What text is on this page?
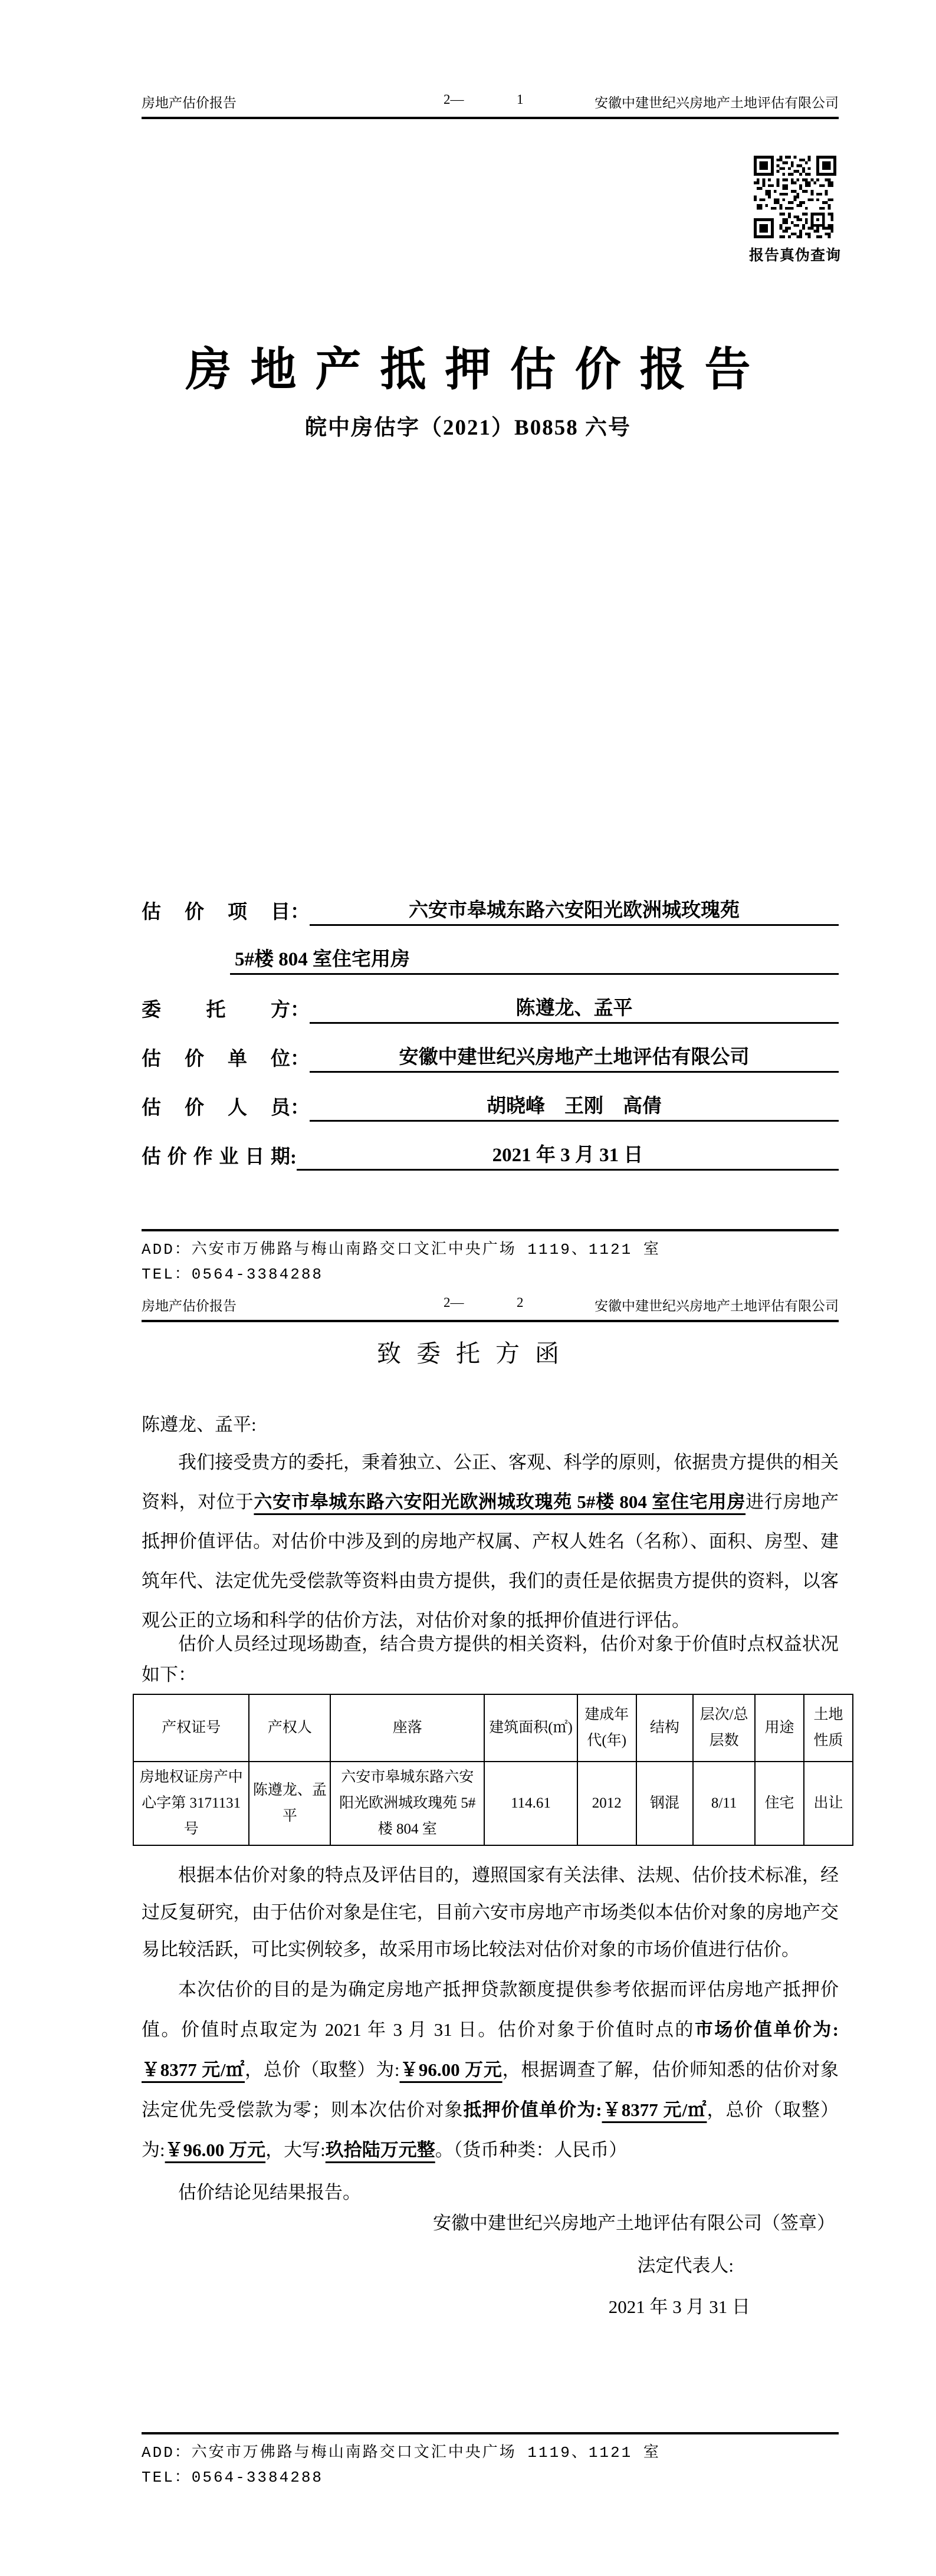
房地产估价报告	2—	1	安徽中建世纪兴房地产土地评估有限公司
报告真伪查询
房地产抵押估价报告
皖中房估字（2021）B0858 六号
估价项目 ：	六安市皋城东路六安阳光欧洲城玫瑰苑
5#楼 804 室住宅用房
委托方 ：	陈遵龙、孟平
估价单位 ：	安徽中建世纪兴房地产土地评估有限公司
估价人员 ：	胡晓峰　王刚　高倩
估价作业日期 :	2021 年 3 月 31 日
ADD：六安市万佛路与梅山南路交口文汇中央广场 1119、1121 室
TEL：0564-3384288
房地产估价报告	2—	2	安徽中建世纪兴房地产土地评估有限公司
致委托方函
陈遵龙、孟平:

我们接受贵方的委托，秉着独立、公正、客观、科学的原则，依据贵方提供的相关资料，对位于六安市皋城东路六安阳光欧洲城玫瑰苑 5#楼 804 室住宅用房进行房地产抵押价值评估。对估价中涉及到的房地产权属、产权人姓名（名称）、面积、房型、建筑年代、法定优先受偿款等资料由贵方提供，我们的责任是依据贵方提供的资料，以客观公正的立场和科学的估价方法，对估价对象的抵押价值进行评估。

估价人员经过现场勘查，结合贵方提供的相关资料，估价对象于价值时点权益状况如下：

产权证号	产权人	座落	建筑面积(㎡)	建成年代(年)	结构	层次/总层数	用途	土地性质
房地权证房产中心字第 3171131 号	陈遵龙、孟平	六安市皋城东路六安阳光欧洲城玫瑰苑 5#楼 804 室	114.61	2012	钢混	8/11	住宅	出让

根据本估价对象的特点及评估目的，遵照国家有关法律、法规、估价技术标准，经过反复研究，由于估价对象是住宅，目前六安市房地产市场类似本估价对象的房地产交易比较活跃，可比实例较多，故采用市场比较法对估价对象的市场价值进行估价。

本次估价的目的是为确定房地产抵押贷款额度提供参考依据而评估房地产抵押价值。价值时点取定为 2021 年 3 月 31 日。估价对象于价值时点的市场价值单价为:￥8377 元/㎡，总价（取整）为:￥96.00 万元，根据调查了解，估价师知悉的估价对象法定优先受偿款为零；则本次估价对象抵押价值单价为:￥8377 元/㎡，总价（取整）为:￥96.00 万元，大写:玖拾陆万元整。（货币种类：人民币）

估价结论见结果报告。

安徽中建世纪兴房地产土地评估有限公司（签章）
法定代表人:
2021 年 3 月 31 日
ADD：六安市万佛路与梅山南路交口文汇中央广场 1119、1121 室
TEL：0564-3384288
